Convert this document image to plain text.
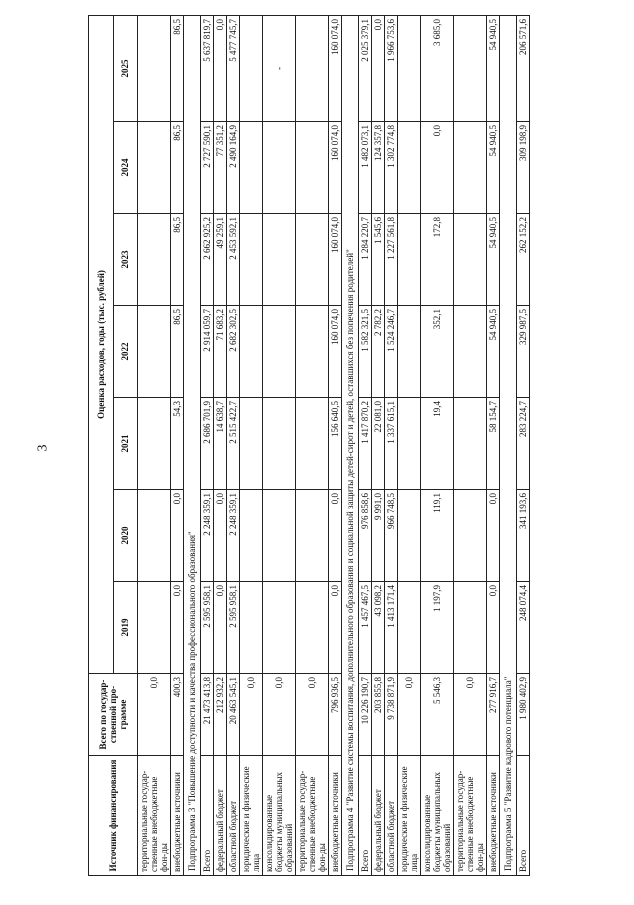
3
Источник финансирования	Всего по государ-ственной про-грамме	Оценка расходов, годы (тыс. рублей)						
		2019	2020	2021	2022	2023	2024	2025
территориальные государ-ственные внебюджетные фон-ды	0,0							
внебюджетные источники	400,3	0,0	0,0	54,3	86,5	86,5	86,5	86,5
Подпрограмма 3 "Повышение доступности и качества профессионального образования"								
Всего	21 473 413,8	2 595 958,1	2 248 359,1	2 686 701,9	2 914 059,7	2 662 925,2	2 727 590,1	5 637 819,7
федеральный бюджет	212 932,2	0,0	0,0	14 638,7	71 683,2	49 259,1	77 351,2	0,0
областной бюджет	20 463 545,1	2 595 958,1	2 248 359,1	2 515 422,7	2 682 302,5	2 453 592,1	2 490 164,9	5 477 745,7
юридические и физические лица	0,0							
консолидированные бюджеты муниципальных образований	0,0							-
территориальные государ-ственные внебюджетные фон-ды	0,0							
внебюджетные источники	796 936,5	0,0	0,0	156 640,5	160 074,0	160 074,0	160 074,0	160 074,0
Подпрограмма 4 "Развитие системы воспитания, дополнительного образования и социальной защиты детей-сирот и детей, оставшихся без попечения родителей"								
Всего	10 226 190,7	1 457 467,5	976 858,6	1 417 870,2	1 582 321,5	1 284 220,7	1 482 073,1	2 025 379,1
федеральный бюджет	203 855,8	43 098,2	9 991,0	22 081,0	2 782,2	1 545,6	124 357,8	0,0
областной бюджет	9 738 871,9	1 413 171,4	966 748,5	1 337 615,1	1 524 246,7	1 227 561,8	1 302 774,8	1 966 753,6
юридические и физические лица	0,0							
консолидированные бюджеты муниципальных образований	5 546,3	1 197,9	119,1	19,4	352,1	172,8	0,0	3 685,0
территориальные государ-ственные внебюджетные фон-ды	0,0							
внебюджетные источники	277 916,7	0,0	0,0	58 154,7	54 940,5	54 940,5	54 940,5	54 940,5
Подпрограмма 5 "Развитие кадрового потенциала"								
Всего	1 980 402,9	248 074,4	341 193,6	283 224,7	329 987,5	262 152,2	309 198,9	206 571,6
